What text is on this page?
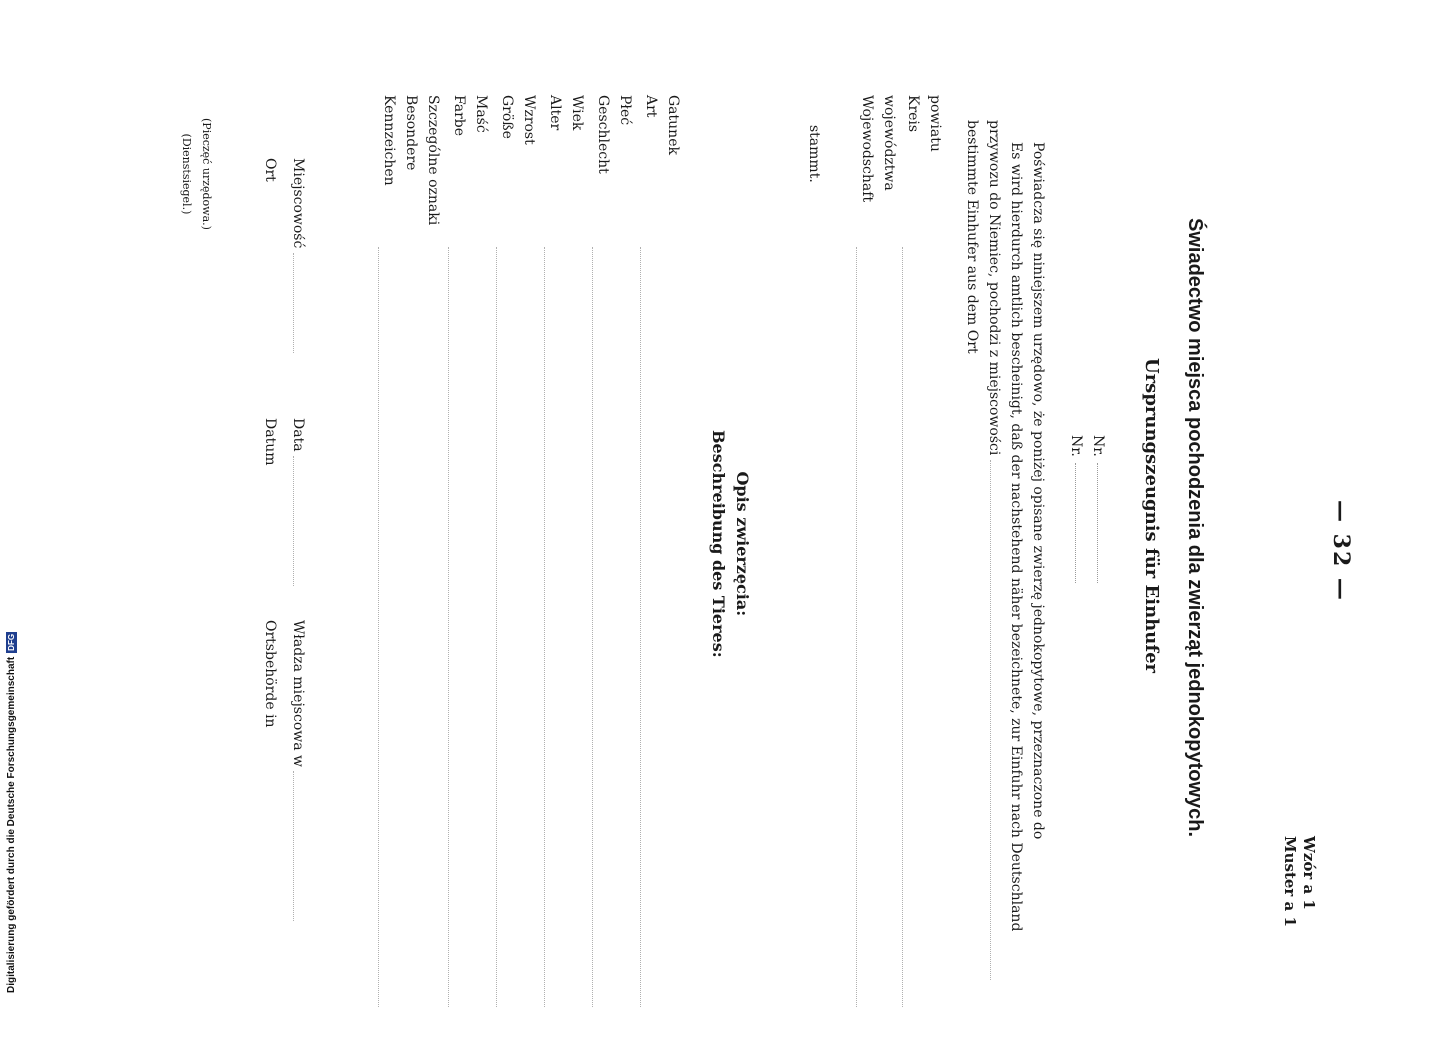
— 32 —
Wzór a 1
Muster a 1
Świadectwo miejsca pochodzenia dla zwierząt jednokopytowych.
Ursprungszeugnis für Einhufer
Nr.
Nr.
Poświadcza się niniejszem urzędowo, że poniżej opisane zwierzę jednokopytowe, przeznaczone do
Es wird hierdurch amtlich bescheinigt, daß der nachstehend näher bezeichnete, zur Einfuhr nach Deutschland
przywozu do Niemiec, pochodzi z miejscowości
bestimmte Einhufer aus dem Ort
powiatu
Kreis
województwa
Wojewodschaft
stammt.
Opis zwierzęcia:
Beschreibung des Tieres:
Gatunek
Art
Płeć
Geschlecht
Wiek
Alter
Wzrost
Größe
Maść
Farbe
Szczególne oznaki
Besondere Kennzeichen
Miejscowość
Ort
Data
Datum
Władza miejscowa w
Ortsbehörde in
(Pieczęć urzędowa.)
(Dienstsiegel.)
Digitalisierung gefördert durch die Deutsche Forschungsgemeinschaft
DFG
